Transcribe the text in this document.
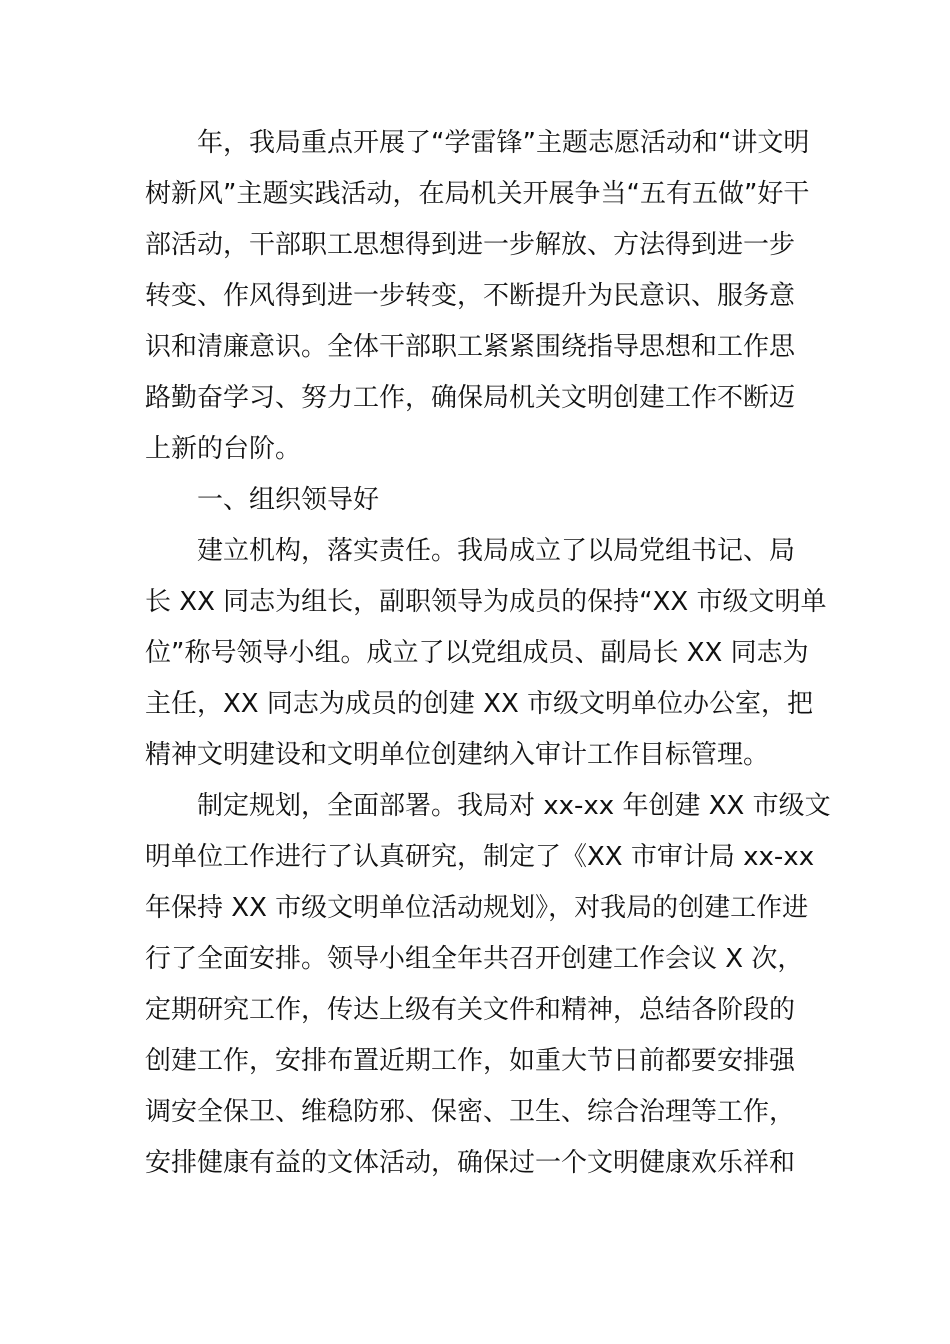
年，我局重点开展了“学雷锋”主题志愿活动和“讲文明
树新风”主题实践活动，在局机关开展争当“五有五做”好干
部活动，干部职工思想得到进一步解放、方法得到进一步
转变、作风得到进一步转变，不断提升为民意识、服务意
识和清廉意识。全体干部职工紧紧围绕指导思想和工作思
路勤奋学习、努力工作，确保局机关文明创建工作不断迈
上新的台阶。
一、组织领导好
建立机构，落实责任。我局成立了以局党组书记、局
长 XX 同志为组长，副职领导为成员的保持“XX 市级文明单
位”称号领导小组。成立了以党组成员、副局长 XX 同志为
主任，XX 同志为成员的创建 XX 市级文明单位办公室，把
精神文明建设和文明单位创建纳入审计工作目标管理。
制定规划，全面部署。我局对 xx-xx 年创建 XX 市级文
明单位工作进行了认真研究，制定了《XX 市审计局 xx-xx
年保持 XX 市级文明单位活动规划》，对我局的创建工作进
行了全面安排。领导小组全年共召开创建工作会议 X 次，
定期研究工作，传达上级有关文件和精神，总结各阶段的
创建工作，安排布置近期工作，如重大节日前都要安排强
调安全保卫、维稳防邪、保密、卫生、综合治理等工作，
安排健康有益的文体活动，确保过一个文明健康欢乐祥和
